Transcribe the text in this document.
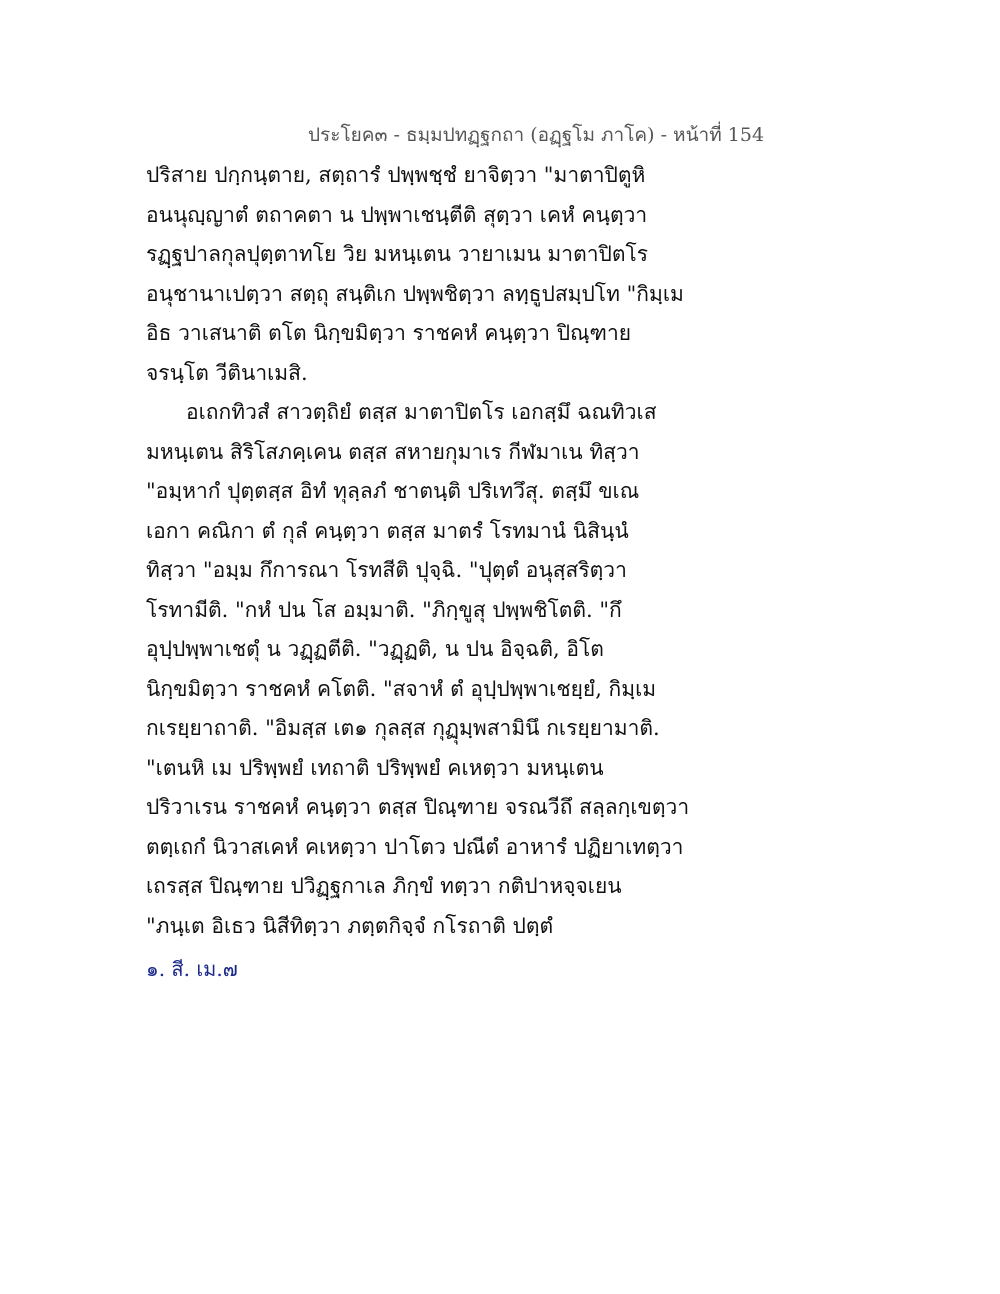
ประโยค๓ - ธมฺมปทฏฺฐกถา (อฏฺฐโม ภาโค) - หน้าที่ 154
ปริสาย ปกฺกนฺตาย, สตฺถารํ ปพฺพชฺชํ ยาจิตฺวา "มาตาปิตูหิ
อนนุญฺญาตํ ตถาคตา น ปพฺพาเชนฺตีติ สุตฺวา เคหํ คนฺตฺวา
รฏฺฐปาลกุลปุตฺตาทโย วิย มหนฺเตน วายาเมน มาตาปิตโร
อนุชานาเปตฺวา สตฺถุ สนฺติเก ปพฺพชิตฺวา ลทฺธูปสมฺปโท "กิมฺเม
อิธ วาเสนาติ ตโต นิกฺขมิตฺวา ราชคหํ คนฺตฺวา ปิณฺฑาย
จรนฺโต วีตินาเมสิ.
อเถกทิวสํ สาวตฺถิยํ ตสฺส มาตาปิตโร เอกสฺมึ ฉณทิวเส
มหนฺเตน สิริโสภคฺเคน ตสฺส สหายกุมาเร กีฬมาเน ทิสฺวา
"อมฺหากํ ปุตฺตสฺส อิทํ ทุลฺลภํ ชาตนฺติ ปริเทวึสุ. ตสฺมึ ขเณ
เอกา คณิกา ตํ กุลํ คนฺตฺวา ตสฺส มาตรํ โรทมานํ นิสินฺนํ
ทิสฺวา "อมฺม กึการณา โรทสีติ ปุจฺฉิ. "ปุตฺตํ อนุสฺสริตฺวา
โรทามีติ. "กหํ ปน โส อมฺมาติ. "ภิกฺขูสุ ปพฺพชิโตติ. "กึ
อุปฺปพฺพาเชตุํ น วฏฺฏตีติ. "วฏฺฏติ, น ปน อิจฺฉติ, อิโต
นิกฺขมิตฺวา ราชคหํ คโตติ. "สจาหํ ตํ อุปฺปพฺพาเชยฺยํ, กิมฺเม
กเรยฺยาถาติ. "อิมสฺส เต๑ กุลสฺส กุฏุมฺพสามินึ กเรยฺยามาติ.
"เตนหิ เม ปริพฺพยํ เทถาติ ปริพฺพยํ คเหตฺวา มหนฺเตน
ปริวาเรน ราชคหํ คนฺตฺวา ตสฺส ปิณฺฑาย จรณวีถึ สลฺลกฺเขตฺวา
ตตฺเถกํ นิวาสเคหํ คเหตฺวา ปาโตว ปณีตํ อาหารํ ปฏิยาเทตฺวา
เถรสฺส ปิณฺฑาย ปวิฏฺฐกาเล ภิกฺขํ ทตฺวา กติปาหจฺจเยน
"ภนฺเต อิเธว นิสีทิตฺวา ภตฺตกิจฺจํ กโรถาติ ปตฺตํ
๑. สี. เม.๗
